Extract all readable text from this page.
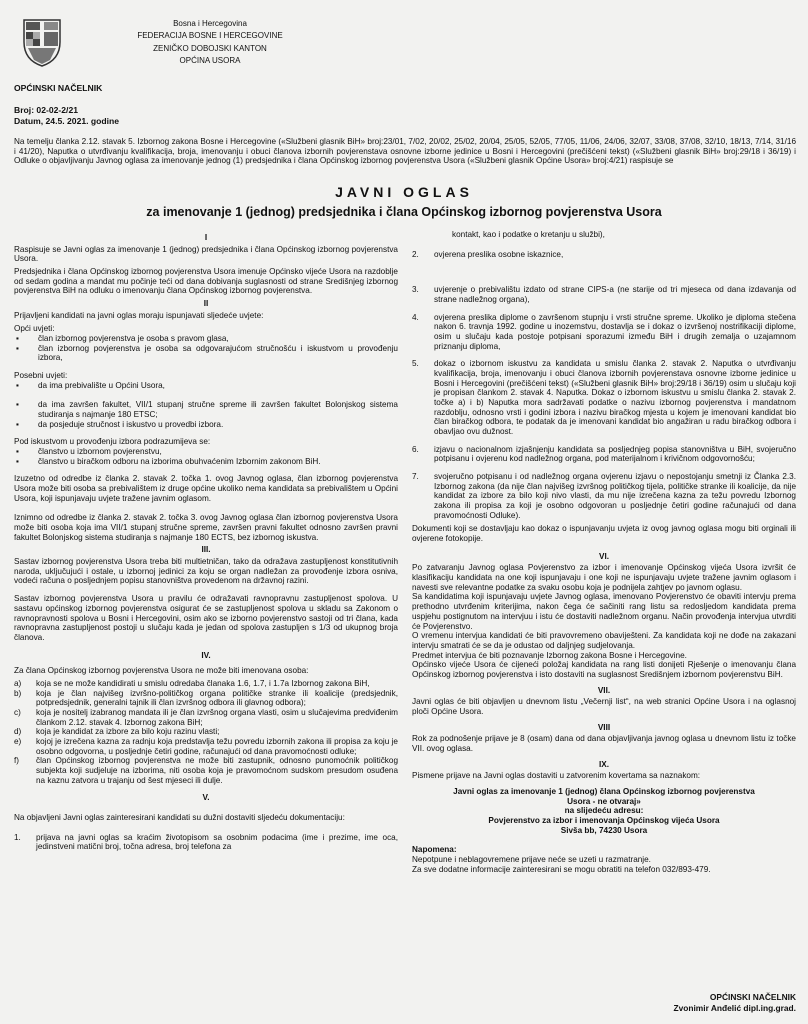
Bosna i Hercegovina
FEDERACIJA BOSNE I HERCEGOVINE
ZENIČKO DOBOJSKI KANTON
OPĆINA USORA
OPĆINSKI NAČELNIK
Broj: 02-02-2/21
Datum, 24.5. 2021. godine
Na temelju članka 2.12. stavak 5. Izbornog zakona Bosne i Hercegovine («Službeni glasnik BiH» broj:23/01, 7/02, 20/02, 25/02, 20/04, 25/05, 52/05, 77/05, 11/06, 24/06, 32/07, 33/08, 37/08, 32/10, 18/13, 7/14, 31/16 i 41/20), Naputka o utvrđivanju kvalifikacija, broja, imenovanju i obuci članova izbornih povjerenstava osnovne izborne jedinice u Bosni i Hercegovini (prečišćeni tekst) («Službeni glasnik BiH» broj:29/18 i 36/19) i Odluke o objavljivanju Javnog oglasa za imenovanje jednog (1) predsjednika i člana Općinskog izbornog povjerenstva Usora («Službeni glasnik Općine Usora» broj:4/21) raspisuje se
JAVNI OGLAS
za imenovanje 1 (jednog) predsjednika i člana Općinskog izbornog povjerenstva Usora
I
Raspisuje se Javni oglas za imenovanje 1 (jednog) predsjednika i člana Općinskog izbornog povjerenstva Usora.
Predsjednika i člana Općinskog izbornog povjerenstva Usora imenuje Općinsko vijeće Usora na razdoblje od sedam godina a mandat mu počinje teći od dana dobivanja suglasnosti od strane Središnjeg izbornog povjerenstva BiH na odluku o imenovanju člana Općinskog izbornog povjerenstva.
II
Prijavljeni kandidati na javni oglas moraju ispunjavati sljedeće uvjete:
Opći uvjeti:
▪	član izbornog povjerenstva je osoba s pravom glasa,
▪	član izbornog povjerenstva je osoba sa odgovarajućom stručnošću i iskustvom u provođenju izbora,
Posebni uvjeti:
▪	da ima prebivalište u Općini Usora,
▪	da ima završen fakultet, VII/1 stupanj stručne spreme ili završen fakultet Bolonjskog sistema studiranja s najmanje 180 ETSC;
▪	da posjeduje stručnost i iskustvo u provedbi izbora.
Pod iskustvom u provođenju izbora podrazumijeva se:
▪	članstvo u izbornom povjerenstvu,
▪	članstvo u biračkom odboru na izborima obuhvaćenim Izbornim zakonom BiH.
Izuzetno od odredbe iz članka 2. stavak 2. točka 1. ovog Javnog oglasa, član izbornog povjerenstva Usora može biti osoba sa prebivalištem iz druge općine ukoliko nema kandidata sa prebivalištem u Općini Usora, koji ispunjavaju uvjete tražene javnim oglasom.
Iznimno od odredbe iz članka 2. stavak 2. točka 3. ovog Javnog oglasa član izbornog povjerenstva Usora može biti osoba koja ima VII/1 stupanj stručne spreme, završen pravni fakultet odnosno završen pravni fakultet Bolonjskog sistema studiranja s najmanje 180 ECTS, bez izbornog iskustva.
III.
Sastav izbornog povjerenstva Usora treba biti multietničan, tako da odražava zastupljenost konstitutivnih naroda, uključujući i ostale, u izbornoj jedinici za koju se organ nadležan za provođenje izbora osniva, vodeći računa o posljednjem popisu stanovništva provedenom na državnoj razini.
Sastav izbornog povjerenstva Usora u pravilu će odražavati ravnopravnu zastupljenost spolova. U sastavu općinskog izbornog povjerenstva osigurat će se zastupljenost spolova u skladu sa Zakonom o ravnopravnosti spolova u Bosni i Hercegovini, osim ako se izborno povjerenstvo sastoji od tri člana, kada ravnopravna zastupljenost postoji u slučaju kada je jedan od spolova zastupljen s 1/3 od ukupnog broja članova.
IV.
Za člana Općinskog izbornog povjerenstva Usora ne može biti imenovana osoba:
a)	koja se ne može kandidirati u smislu odredaba članaka 1.6, 1.7, i 1.7a Izbornog zakona BiH,
b)	koja je član najvišeg izvršno-političkog organa političke stranke ili koalicije (predsjednik, potpredsjednik, generalni tajnik ili član izvršnog odbora ili glavnog odbora);
c)	koja je nositelj izabranog mandata ili je član izvršnog organa vlasti, osim u slučajevima predviđenim člankom 2.12. stavak 4. Izbornog zakona BiH;
d)	koja je kandidat za izbore za bilo koju razinu vlasti;
e)	kojoj je izrečena kazna za radnju koja predstavlja težu povredu izbornih zakona ili propisa za koju je osobno odgovorna, u posljednje četiri godine, računajući od dana pravomoćnosti odluke;
f)	član Općinskog izbornog povjerenstva ne može biti zastupnik, odnosno punomoćnik političkog subjekta koji sudjeluje na izborima, niti osoba koja je pravomoćnom sudskom presudom osuđena na kaznu zatvora u trajanju od šest mjeseci ili dulje.
V.
Na objavljeni Javni oglas zainteresirani kandidati su dužni dostaviti sljedeću dokumentaciju:
1.	prijava na javni oglas sa kraćim životopisom sa osobnim podacima (ime i prezime, ime oca, jedinstveni matični broj, točna adresa, broj telefona za
kontakt, kao i podatke o kretanju u službi),
2.	ovjerena preslika osobne iskaznice,
3.	uvjerenje o prebivalištu izdato od strane CIPS-a (ne starije od tri mjeseca od dana izdavanja od strane nadležnog organa),
4.	ovjerena preslika diplome o završenom stupnju i vrsti stručne spreme. Ukoliko je diploma stečena nakon 6. travnja 1992. godine u inozemstvu, dostavlja se i dokaz o izvršenoj nostrifikaciji diplome, osim u slučaju kada postoje potpisani sporazumi između BiH i drugih zemalja o uzajamnom priznanju diploma,
5.	dokaz o izbornom iskustvu za kandidata u smislu članka 2. stavak 2. Naputka o utvrđivanju kvalifikacija, broja, imenovanju i obuci članova izbornih povjerenstava osnovne izborne jedinice u Bosni i Hercegovini (prečišćeni tekst) («Službeni glasnik BiH» broj:29/18 i 36/19) osim u slučaju koji je propisan člankom 2. stavak 4. Naputka. Dokaz o izbornom iskustvu u smislu članka 2. stavak 2. točke a) i b) Naputka mora sadržavati podatke o nazivu izbornog povjerenstva i mandatnom razdoblju, odnosno vrsti i godini izbora i nazivu biračkog mjesta u kojem je imenovani kandidat bio član biračkog odbora, te podatak da je imenovani kandidat bio angažiran u radu biračkog odbora i obavljao ovu dužnost.
6.	izjavu o nacionalnom izjašnjenju kandidata sa posljednjeg popisa stanovništva u BiH, svojeručno potpisanu i ovjerenu kod nadležnog organa, pod materijalnom i krivičnom odgovornošću;
7.	svojeručno potpisanu i od nadležnog organa ovjerenu izjavu o nepostojanju smetnji iz Članka 2.3. Izbornog zakona (da nije član najvišeg izvršnog političkog tijela, političke stranke ili koalicije, da nije kandidat za izbore za bilo koji nivo vlasti, da mu nije izrečena kazna za težu povredu Izbornog zakona ili propisa za koji je osobno odgovoran u posljednje četiri godine računajući od dana pravomoćnosti Odluke).
Dokumenti koji se dostavljaju kao dokaz o ispunjavanju uvjeta iz ovog javnog oglasa mogu biti orginali ili ovjerene fotokopije.
VI.
Po zatvaranju Javnog oglasa Povjerenstvo za izbor i imenovanje Općinskog vijeća Usora izvršit će klasifikaciju kandidata na one koji ispunjavaju i one koji ne ispunjavaju uvjete tražene javnim oglasom i navesti sve relevantne podatke za svaku osobu koja je podnijela zahtjev po javnom oglasu.
Sa kandidatima koji ispunjavaju uvjete Javnog oglasa, imenovano Povjerenstvo će obaviti intervju prema prethodno utvrđenim kriterijima, nakon čega će sačiniti rang listu sa redosljedom kandidata prema uspjehu postignutom na intervjuu i istu će dostaviti nadležnom organu. Način provođenja intervjua utvrditi će Povjerenstvo.
O vremenu intervjua kandidati će biti pravovremeno obaviješteni. Za kandidata koji ne dođe na zakazani intervju smatrati će se da je odustao od daljnjeg sudjelovanja.
Predmet intervjua će biti poznavanje Izbornog zakona Bosne i Hercegovine.
Općinsko vijeće Usora će cijeneći položaj kandidata na rang listi donijeti Rješenje o imenovanju člana Općinskog izbornog povjerenstva i isto dostaviti na suglasnost Središnjem izbornom povjerenstvu BiH.
VII.
Javni oglas će biti objavljen u dnevnom listu „Večernji list“, na web stranici Općine Usora i na oglasnoj ploči Općine Usora.
VIII
Rok za podnošenje prijave je 8 (osam) dana od dana objavljivanja javnog oglasa u dnevnom listu iz točke VII. ovog oglasa.
IX.
Pismene prijave na Javni oglas dostaviti u zatvorenim kovertama sa naznakom:
Javni oglas za imenovanje 1 (jednog) člana Općinskog izbornog povjerenstva
Usora - ne otvaraj»
na slijedeću adresu:
Povjerenstvo za izbor i imenovanja Općinskog vijeća Usora
Sivša bb, 74230 Usora
Napomena:
Nepotpune i neblagovremene prijave neće se uzeti u razmatranje.
Za sve dodatne informacije zainteresirani se mogu obratiti na telefon 032/893-479.
OPĆINSKI NAČELNIK
Zvonimir Anđelić dipl.ing.grad.
